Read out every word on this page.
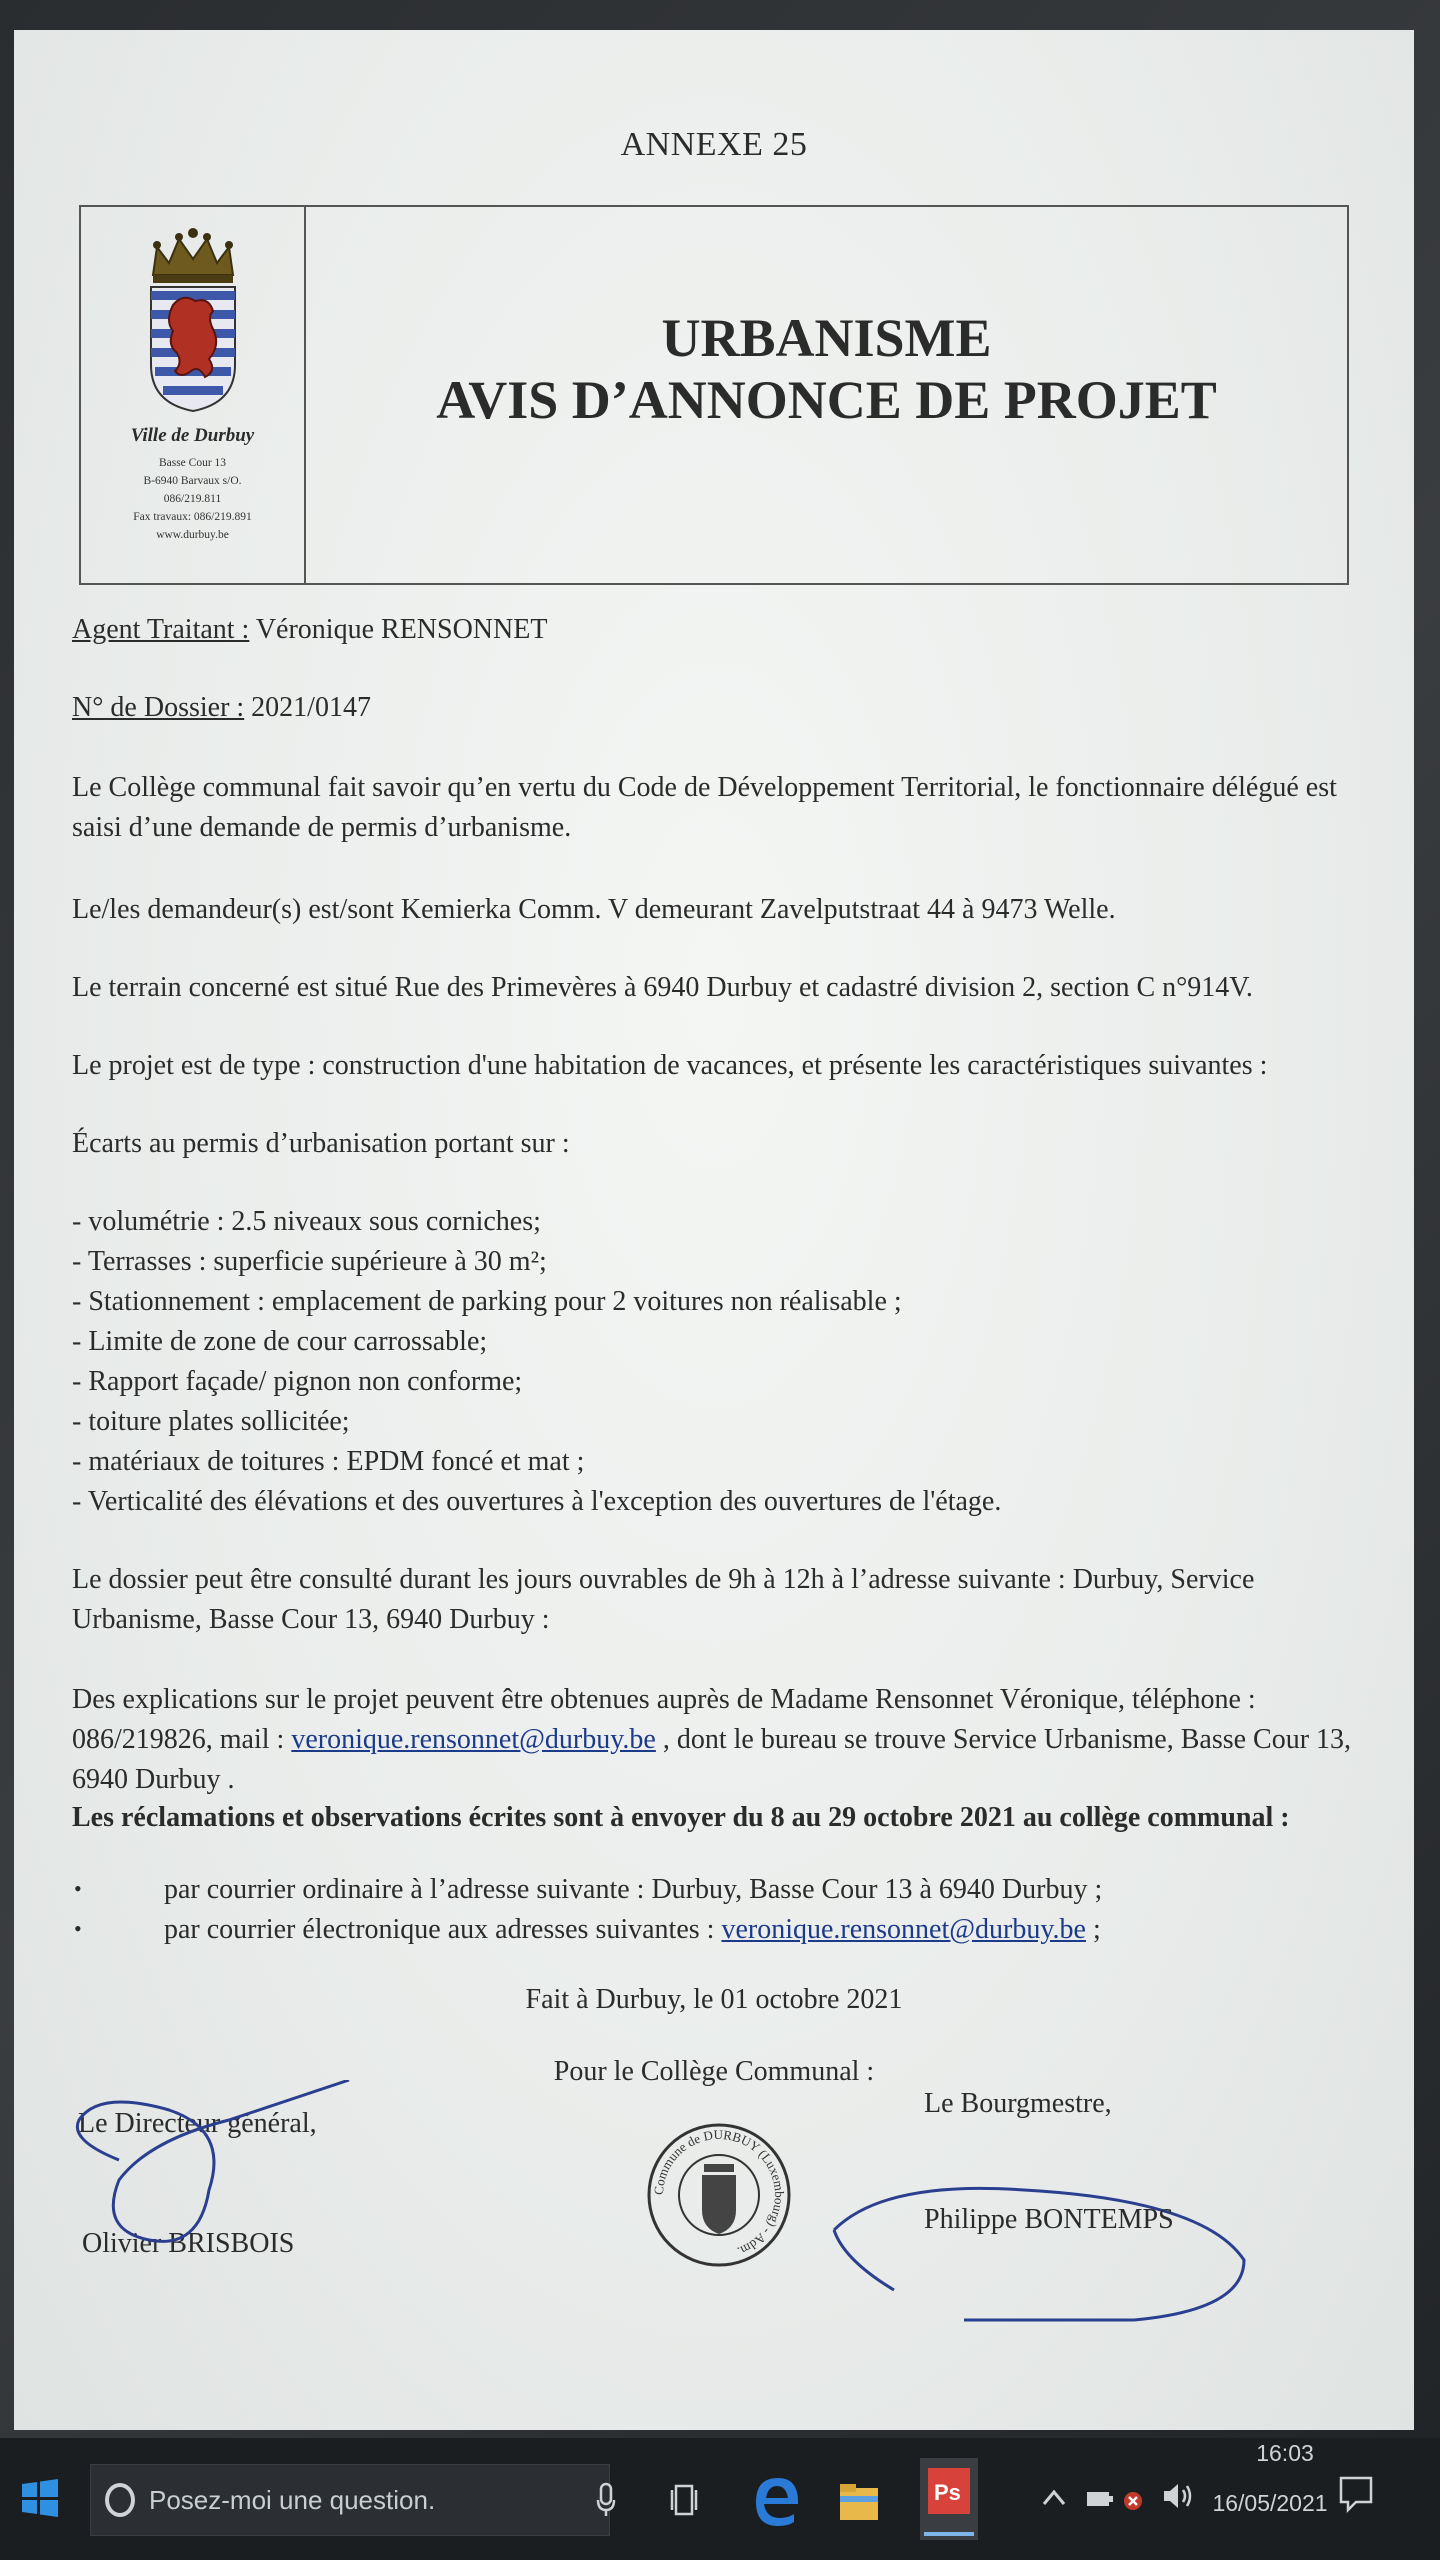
ANNEXE 25
Ville de Durbuy
Basse Cour 13
B-6940 Barvaux s/O.
086/219.811
Fax travaux: 086/219.891
www.durbuy.be
URBANISME
AVIS D’ANNONCE DE PROJET
Agent Traitant : Véronique RENSONNET
N° de Dossier : 2021/0147
Le Collège communal fait savoir qu’en vertu du Code de Développement Territorial, le fonctionnaire délégué est saisi d’une demande de permis d’urbanisme.
Le/les demandeur(s) est/sont Kemierka Comm. V demeurant Zavelputstraat 44 à 9473 Welle.
Le terrain concerné est situé Rue des Primevères à 6940 Durbuy et cadastré division 2, section C n°914V.
Le projet est de type : construction d'une habitation de vacances, et présente les caractéristiques suivantes :
Écarts au permis d’urbanisation portant sur :
- volumétrie : 2.5 niveaux sous corniches;
- Terrasses : superficie supérieure à 30 m²;
- Stationnement : emplacement de parking pour 2 voitures non réalisable ;
- Limite de zone de cour carrossable;
- Rapport façade/ pignon non conforme;
- toiture plates sollicitée;
- matériaux de toitures : EPDM foncé et mat ;
- Verticalité des élévations et des ouvertures à l'exception des ouvertures de l'étage.
Le dossier peut être consulté durant les jours ouvrables de 9h à 12h à l’adresse suivante : Durbuy, Service Urbanisme, Basse Cour 13, 6940 Durbuy :
Des explications sur le projet peuvent être obtenues auprès de Madame Rensonnet Véronique, téléphone : 086/219826, mail : veronique.rensonnet@durbuy.be , dont le bureau se trouve Service Urbanisme, Basse Cour 13, 6940 Durbuy .
Les réclamations et observations écrites sont à envoyer du 8 au 29 octobre 2021 au collège communal :
•	par courrier ordinaire à l’adresse suivante : Durbuy, Basse Cour 13 à 6940 Durbuy ;
•	par courrier électronique aux adresses suivantes : veronique.rensonnet@durbuy.be ;
Fait à Durbuy, le 01 octobre 2021
Pour le Collège Communal :
Le Directeur général,
Olivier BRISBOIS
Le Bourgmestre,
Commune de DURBUY (Luxembourg) - Adm.
Philippe BONTEMPS
Posez-moi une question.	Ps
16:03
16/05/2021
